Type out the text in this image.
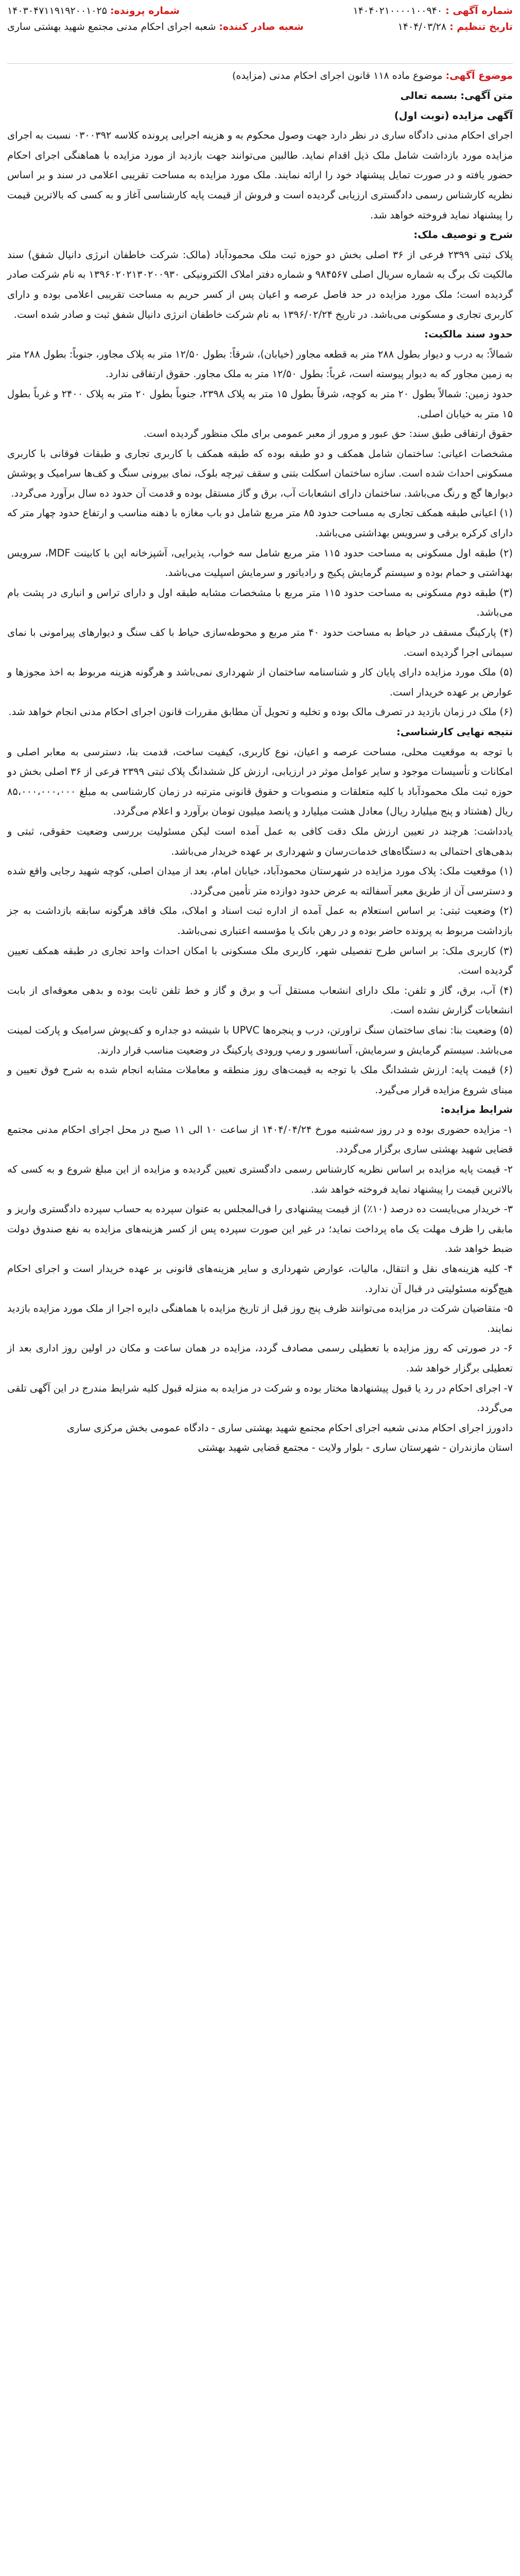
شماره آگهی : ۱۴۰۴۰۲۱۰۰۰۰۱۰۰۹۴۰
تاریخ تنظیم : ۱۴۰۴/۰۳/۲۸
شماره پرونده: ۱۴۰۳۰۴۷۱۱۹۱۹۲۰۰۱۰۲۵
شعبه صادر کننده: شعبه اجرای احکام مدنی مجتمع شهید بهشتی ساری
موضوع آگهی: موضوع ماده ۱۱۸ قانون اجرای احکام مدنی (مزایده)

متن آگهی: بسمه تعالی

آگهی مزایده (نوبت اول)

اجرای احکام مدنی دادگاه ساری در نظر دارد جهت وصول محکوم به و هزینه اجرایی پرونده کلاسه ۰۳۰۰۳۹۲ نسبت به اجرای مزایده مورد بازداشت شامل ملک ذیل اقدام نماید. طالبین می‌توانند جهت بازدید از مورد مزایده با هماهنگی اجرای احکام حضور یافته و در صورت تمایل پیشنهاد خود را ارائه نمایند. ملک مورد مزایده به مساحت تقریبی اعلامی در سند و بر اساس نظریه کارشناس رسمی دادگستری ارزیابی گردیده است و فروش از قیمت پایه کارشناسی آغاز و به کسی که بالاترین قیمت را پیشنهاد نماید فروخته خواهد شد.

شرح و توصیف ملک:

پلاک ثبتی ۲۳۹۹ فرعی از ۳۶ اصلی بخش دو حوزه ثبت ملک محمودآباد (مالک: شرکت خاطفان انرژی دانیال شفق) سند مالکیت تک برگ به شماره سریال اصلی ۹۸۴۵۶۷ و شماره دفتر املاک الکترونیکی ۱۳۹۶۰۲۰۲۱۳۰۲۰۰۹۳۰ به نام شرکت صادر گردیده است؛ ملک مورد مزایده در حد فاصل عرصه و اعیان پس از کسر حریم به مساحت تقریبی اعلامی بوده و دارای کاربری تجاری و مسکونی می‌باشد. در تاریخ ۱۳۹۶/۰۲/۲۴ به نام شرکت خاطفان انرژی دانیال شفق ثبت و صادر شده است.

حدود سند مالکیت:

شمالاً: به درب و دیوار بطول ۲۸۸ متر به قطعه مجاور (خیابان)، شرقاً: بطول ۱۲/۵۰ متر به پلاک مجاور، جنوباً: بطول ۲۸۸ متر به زمین مجاور که به دیوار پیوسته است، غرباً: بطول ۱۲/۵۰ متر به ملک مجاور. حقوق ارتفاقی ندارد.

حدود زمین: شمالاً بطول ۲۰ متر به کوچه، شرقاً بطول ۱۵ متر به پلاک ۲۳۹۸، جنوباً بطول ۲۰ متر به پلاک ۲۴۰۰ و غرباً بطول ۱۵ متر به خیابان اصلی.

حقوق ارتفاقی طبق سند: حق عبور و مرور از معبر عمومی برای ملک منظور گردیده است.

مشخصات اعیانی: ساختمان شامل همکف و دو طبقه بوده که طبقه همکف با کاربری تجاری و طبقات فوقانی با کاربری مسکونی احداث شده است. سازه ساختمان اسکلت بتنی و سقف تیرچه بلوک، نمای بیرونی سنگ و کف‌ها سرامیک و پوشش دیوارها گچ و رنگ می‌باشد. ساختمان دارای انشعابات آب، برق و گاز مستقل بوده و قدمت آن حدود ده سال برآورد می‌گردد.

(۱) اعیانی طبقه همکف تجاری به مساحت حدود ۸۵ متر مربع شامل دو باب مغازه با دهنه مناسب و ارتفاع حدود چهار متر که دارای کرکره برقی و سرویس بهداشتی می‌باشد.

(۲) طبقه اول مسکونی به مساحت حدود ۱۱۵ متر مربع شامل سه خواب، پذیرایی، آشپزخانه اپن با کابینت MDF، سرویس بهداشتی و حمام بوده و سیستم گرمایش پکیج و رادیاتور و سرمایش اسپلیت می‌باشد.

(۳) طبقه دوم مسکونی به مساحت حدود ۱۱۵ متر مربع با مشخصات مشابه طبقه اول و دارای تراس و انباری در پشت بام می‌باشد.

(۴) پارکینگ مسقف در حیاط به مساحت حدود ۴۰ متر مربع و محوطه‌سازی حیاط با کف سنگ و دیوارهای پیرامونی با نمای سیمانی اجرا گردیده است.

(۵) ملک مورد مزایده دارای پایان کار و شناسنامه ساختمان از شهرداری نمی‌باشد و هرگونه هزینه مربوط به اخذ مجوزها و عوارض بر عهده خریدار است.

(۶) ملک در زمان بازدید در تصرف مالک بوده و تخلیه و تحویل آن مطابق مقررات قانون اجرای احکام مدنی انجام خواهد شد.

نتیجه نهایی کارشناسی:

با توجه به موقعیت محلی، مساحت عرصه و اعیان، نوع کاربری، کیفیت ساخت، قدمت بنا، دسترسی به معابر اصلی و امکانات و تأسیسات موجود و سایر عوامل موثر در ارزیابی، ارزش کل ششدانگ پلاک ثبتی ۲۳۹۹ فرعی از ۳۶ اصلی بخش دو حوزه ثبت ملک محمودآباد با کلیه متعلقات و منصوبات و حقوق قانونی مترتبه در زمان کارشناسی به مبلغ ۸۵،۰۰۰،۰۰۰،۰۰۰ ریال (هشتاد و پنج میلیارد ریال) معادل هشت میلیارد و پانصد میلیون تومان برآورد و اعلام می‌گردد.

یادداشت: هرچند در تعیین ارزش ملک دقت کافی به عمل آمده است لیکن مسئولیت بررسی وضعیت حقوقی، ثبتی و بدهی‌های احتمالی به دستگاه‌های خدمات‌رسان و شهرداری بر عهده خریدار می‌باشد.

(۱) موقعیت ملک: پلاک مورد مزایده در شهرستان محمودآباد، خیابان امام، بعد از میدان اصلی، کوچه شهید رجایی واقع شده و دسترسی آن از طریق معبر آسفالته به عرض حدود دوازده متر تأمین می‌گردد.

(۲) وضعیت ثبتی: بر اساس استعلام به عمل آمده از اداره ثبت اسناد و املاک، ملک فاقد هرگونه سابقه بازداشت به جز بازداشت مربوط به پرونده حاضر بوده و در رهن بانک یا مؤسسه اعتباری نمی‌باشد.

(۳) کاربری ملک: بر اساس طرح تفصیلی شهر، کاربری ملک مسکونی با امکان احداث واحد تجاری در طبقه همکف تعیین گردیده است.

(۴) آب، برق، گاز و تلفن: ملک دارای انشعاب مستقل آب و برق و گاز و خط تلفن ثابت بوده و بدهی معوقه‌ای از بابت انشعابات گزارش نشده است.

(۵) وضعیت بنا: نمای ساختمان سنگ تراورتن، درب و پنجره‌ها UPVC با شیشه دو جداره و کف‌پوش سرامیک و پارکت لمینت می‌باشد. سیستم گرمایش و سرمایش، آسانسور و رمپ ورودی پارکینگ در وضعیت مناسب قرار دارند.

(۶) قیمت پایه: ارزش ششدانگ ملک با توجه به قیمت‌های روز منطقه و معاملات مشابه انجام شده به شرح فوق تعیین و مبنای شروع مزایده قرار می‌گیرد.

شرایط مزایده:

۱- مزایده حضوری بوده و در روز سه‌شنبه مورخ ۱۴۰۴/۰۴/۲۴ از ساعت ۱۰ الی ۱۱ صبح در محل اجرای احکام مدنی مجتمع قضایی شهید بهشتی ساری برگزار می‌گردد.

۲- قیمت پایه مزایده بر اساس نظریه کارشناس رسمی دادگستری تعیین گردیده و مزایده از این مبلغ شروع و به کسی که بالاترین قیمت را پیشنهاد نماید فروخته خواهد شد.

۳- خریدار می‌بایست ده درصد (۱۰٪) از قیمت پیشنهادی را فی‌المجلس به عنوان سپرده به حساب سپرده دادگستری واریز و مابقی را ظرف مهلت یک ماه پرداخت نماید؛ در غیر این صورت سپرده پس از کسر هزینه‌های مزایده به نفع صندوق دولت ضبط خواهد شد.

۴- کلیه هزینه‌های نقل و انتقال، مالیات، عوارض شهرداری و سایر هزینه‌های قانونی بر عهده خریدار است و اجرای احکام هیچ‌گونه مسئولیتی در قبال آن ندارد.

۵- متقاضیان شرکت در مزایده می‌توانند ظرف پنج روز قبل از تاریخ مزایده با هماهنگی دایره اجرا از ملک مورد مزایده بازدید نمایند.

۶- در صورتی که روز مزایده با تعطیلی رسمی مصادف گردد، مزایده در همان ساعت و مکان در اولین روز اداری بعد از تعطیلی برگزار خواهد شد.

۷- اجرای احکام در رد یا قبول پیشنهادها مختار بوده و شرکت در مزایده به منزله قبول کلیه شرایط مندرج در این آگهی تلقی می‌گردد.

دادورز اجرای احکام مدنی شعبه اجرای احکام مجتمع شهید بهشتی ساری - دادگاه عمومی بخش مرکزی ساری

استان مازندران - شهرستان ساری - بلوار ولایت - مجتمع قضایی شهید بهشتی
